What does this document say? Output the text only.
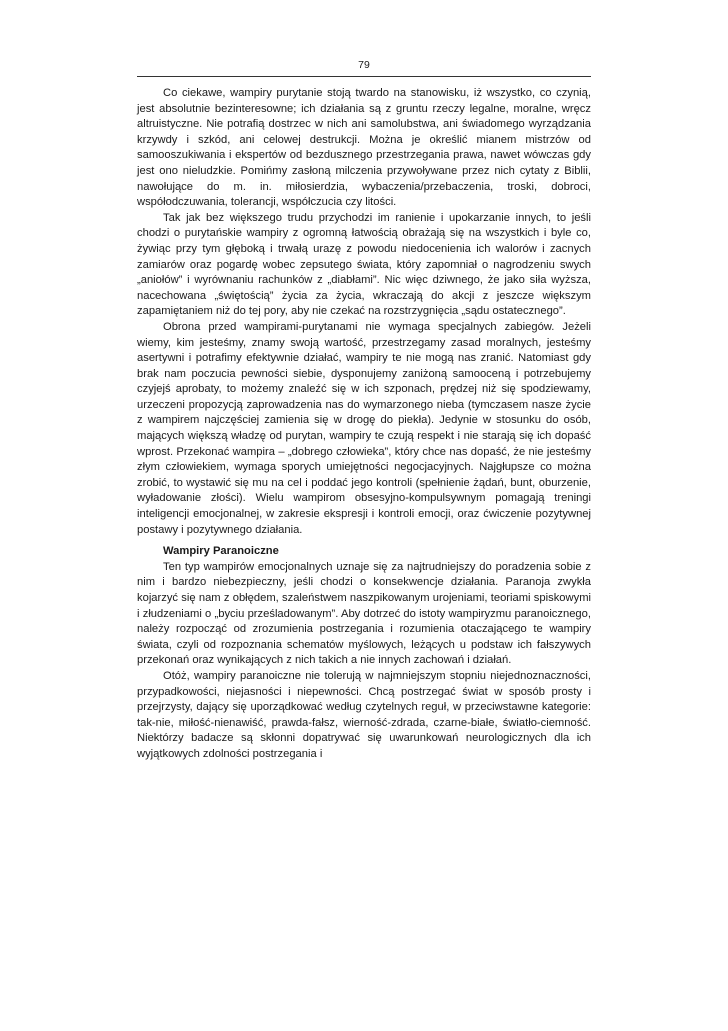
79

Co ciekawe, wampiry purytanie stoją twardo na stanowisku, iż wszystko, co czynią, jest absolutnie bezinteresowne; ich działania są z gruntu rzeczy legalne, moralne, wręcz altruistyczne. Nie potrafią dostrzec w nich ani samolubstwa, ani świadomego wyrządzania krzywdy i szkód, ani celowej destrukcji. Można je określić mianem mistrzów od samooszukiwania i ekspertów od bezdusznego przestrzegania prawa, nawet wówczas gdy jest ono nieludzkie. Pomińmy zasłoną milczenia przywoływane przez nich cytaty z Biblii, nawołujące do m. in. miłosierdzia, wybaczenia/przebaczenia, troski, dobroci, współodczuwania, tolerancji, współczucia czy litości.

Tak jak bez większego trudu przychodzi im ranienie i upokarzanie innych, to jeśli chodzi o purytańskie wampiry z ogromną łatwością obrażają się na wszystkich i byle co, żywiąc przy tym głęboką i trwałą urazę z powodu niedocenienia ich walorów i zacnych zamiarów oraz pogardę wobec zepsutego świata, który zapomniał o nagrodzeniu swych „aniołów” i wyrównaniu rachunków z „diabłami”. Nic więc dziwnego, że jako siła wyższa, nacechowana „świętością” życia za życia, wkraczają do akcji z jeszcze większym zapamiętaniem niż do tej pory, aby nie czekać na rozstrzygnięcia „sądu ostatecznego”.

Obrona przed wampirami-purytanami nie wymaga specjalnych zabiegów. Jeżeli wiemy, kim jesteśmy, znamy swoją wartość, przestrzegamy zasad moralnych, jesteśmy asertywni i potrafimy efektywnie działać, wampiry te nie mogą nas zranić. Natomiast gdy brak nam poczucia pewności siebie, dysponujemy zaniżoną samooceną i potrzebujemy czyjejś aprobaty, to możemy znaleźć się w ich szponach, prędzej niż się spodziewamy, urzeczeni propozycją zaprowadzenia nas do wymarzonego nieba (tymczasem nasze życie z wampirem najczęściej zamienia się w drogę do piekła). Jedynie w stosunku do osób, mających większą władzę od purytan, wampiry te czują respekt i nie starają się ich dopaść wprost. Przekonać wampira – „dobrego człowieka”, który chce nas dopaść, że nie jesteśmy złym człowiekiem, wymaga sporych umiejętności negocjacyjnych. Najgłupsze co można zrobić, to wystawić się mu na cel i poddać jego kontroli (spełnienie żądań, bunt, oburzenie, wyładowanie złości). Wielu wampirom obsesyjno-kompulsywnym pomagają treningi inteligencji emocjonalnej, w zakresie ekspresji i kontroli emocji, oraz ćwiczenie pozytywnej postawy i pozytywnego działania.

Wampiry Paranoiczne

Ten typ wampirów emocjonalnych uznaje się za najtrudniejszy do poradzenia sobie z nim i bardzo niebezpieczny, jeśli chodzi o konsekwencje działania. Paranoja zwykła kojarzyć się nam z obłędem, szaleństwem naszpikowanym urojeniami, teoriami spiskowymi i złudzeniami o „byciu prześladowanym”. Aby dotrzeć do istoty wampiryzmu paranoicznego, należy rozpocząć od zrozumienia postrzegania i rozumienia otaczającego te wampiry świata, czyli od rozpoznania schematów myślowych, leżących u podstaw ich fałszywych przekonań oraz wynikających z nich takich a nie innych zachowań i działań.

Otóż, wampiry paranoiczne nie tolerują w najmniejszym stopniu niejednoznaczności, przypadkowości, niejasności i niepewności. Chcą postrzegać świat w sposób prosty i przejrzysty, dający się uporządkować według czytelnych reguł, w przeciwstawne kategorie: tak-nie, miłość-nienawiść, prawda-fałsz, wierność-zdrada, czarne-białe, światło-ciemność. Niektórzy badacze są skłonni dopatrywać się uwarunkowań neurologicznych dla ich wyjątkowych zdolności postrzegania i
